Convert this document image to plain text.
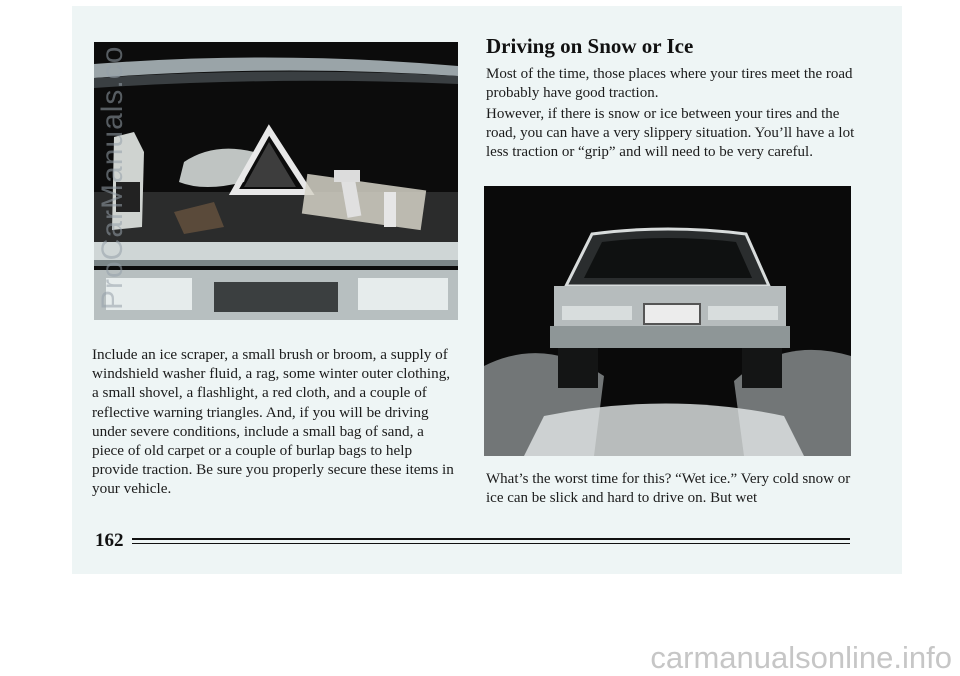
Include an ice scraper, a small brush or broom, a supply of windshield washer fluid, a rag, some winter outer clothing, a small shovel, a flashlight, a red cloth, and a couple of reflective warning triangles. And, if you will be driving under severe conditions, include a small bag of sand, a piece of old carpet or a couple of burlap bags to help provide traction. Be sure you properly secure these items in your vehicle.

Driving on Snow or Ice

Most of the time, those places where your tires meet the road probably have good traction.

However, if there is snow or ice between your tires and the road, you can have a very slippery situation. You’ll have a lot less traction or “grip” and will need to be very careful.

What’s the worst time for this? “Wet ice.” Very cold snow or ice can be slick and hard to drive on. But wet

162
ProCarManuals.co
carmanualsonline.info
